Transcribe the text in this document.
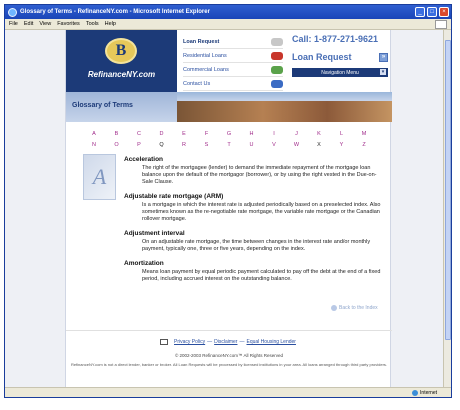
Glossary of Terms - RefinanceNY.com - Microsoft Internet Explorer	_	□	×
File Edit View Favorites Tools Help
B
RefinanceNY.com
Loan Request
Residential Loans
Commercial Loans
Contact Us
Call: 1-877-271-9621
Loan Request	»
Navigation Menu	▾
Glossary of Terms
A	B	C	D	E	F	G	H	I	J	K	L	M
N	O	P	Q	R	S	T	U	V	W	X	Y	Z
A
Acceleration

The right of the mortgagee (lender) to demand the immediate repayment of the mortgage loan balance upon the default of the mortgagor (borrower), or by using the right vested in the Due-on-Sale Clause.

Adjustable rate mortgage (ARM)

Is a mortgage in which the interest rate is adjusted periodically based on a preselected index. Also sometimes known as the re-negotiable rate mortgage, the variable rate mortgage or the Canadian rollover mortgage.

Adjustment interval

On an adjustable rate mortgage, the time between changes in the interest rate and/or monthly payment, typically one, three or five years, depending on the index.

Amortization

Means loan payment by equal periodic payment calculated to pay off the debt at the end of a fixed period, including accrued interest on the outstanding balance.

Back to the Index
Privacy Policy — Disclaimer — Equal Housing Lender
© 2002-2003 RefinanceNY.com™ All Rights Reserved
RefinanceNY.com is not a direct lender, banker or broker. All Loan Requests will be processed by licensed institutions in your area. All loans arranged through third party providers.
Internet
